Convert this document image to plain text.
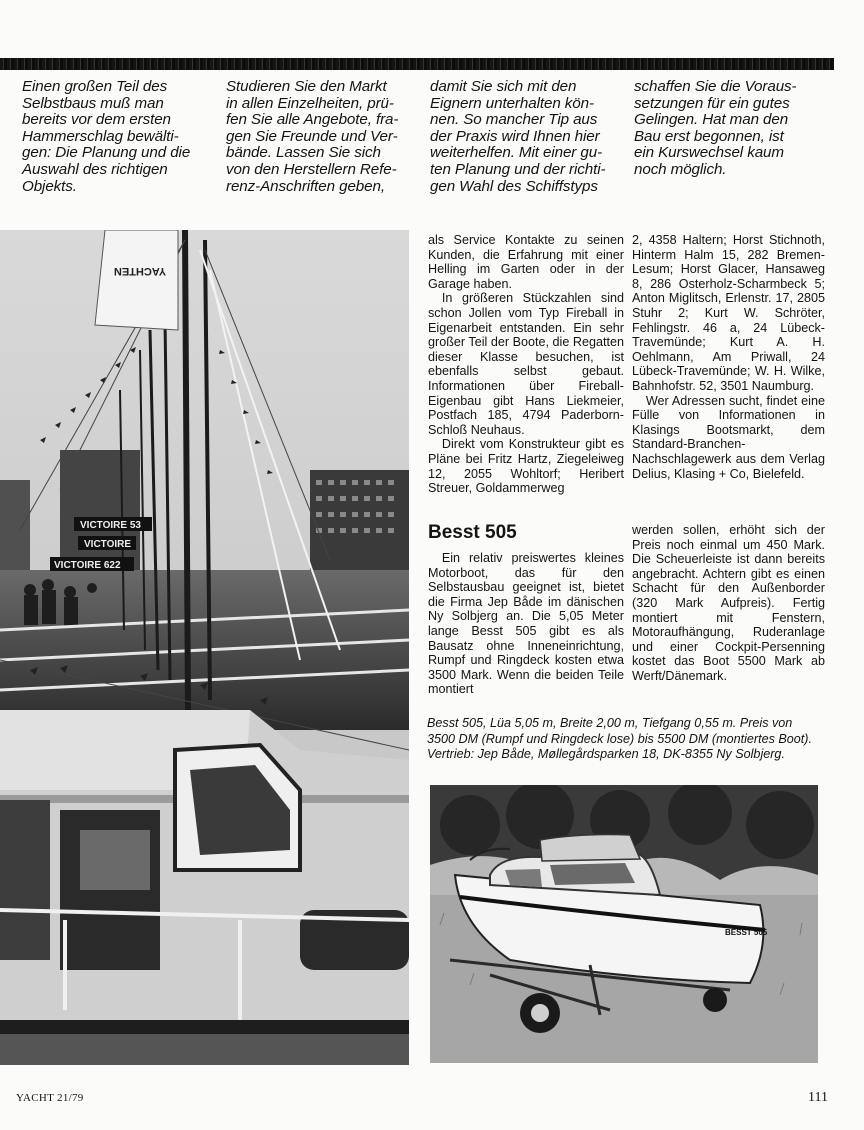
Einen großen Teil des
Selbstbaus muß man
bereits vor dem ersten
Hammerschlag bewälti-
gen: Die Planung und die
Auswahl des richtigen
Objekts.
Studieren Sie den Markt
in allen Einzelheiten, prü-
fen Sie alle Angebote, fra-
gen Sie Freunde und Ver-
bände. Lassen Sie sich
von den Herstellern Refe-
renz-Anschriften geben,
damit Sie sich mit den
Eignern unterhalten kön-
nen. So mancher Tip aus
der Praxis wird Ihnen hier
weiterhelfen. Mit einer gu-
ten Planung und der richti-
gen Wahl des Schiffstyps
schaffen Sie die Voraus-
setzungen für ein gutes
Gelingen. Hat man den
Bau erst begonnen, ist
ein Kurswechsel kaum
noch möglich.
YACHTEN
VICTOIRE 53
VICTOIRE
VICTOIRE 622

als Service Kontakte zu seinen Kunden, die Erfahrung mit einer Helling im Garten oder in der Garage haben.

In größeren Stückzahlen sind schon Jollen vom Typ Fireball in Eigenarbeit entstanden. Ein sehr großer Teil der Boote, die Regatten dieser Klasse besuchen, ist ebenfalls selbst gebaut. Informationen über Fireball-Eigenbau gibt Hans Liekmeier, Postfach 185, 4794 Paderborn-Schloß Neuhaus.

Direkt vom Konstrukteur gibt es Pläne bei Fritz Hartz, Ziegeleiweg 12, 2055 Wohltorf; Heribert Streuer, Goldammerweg

2, 4358 Haltern; Horst Stichnoth, Hinterm Halm 15, 282 Bremen-Lesum; Horst Glacer, Hansaweg 8, 286 Osterholz-Scharmbeck 5; Anton Miglitsch, Erlenstr. 17, 2805 Stuhr 2; Kurt W. Schröter, Fehlingstr. 46 a, 24 Lübeck-Travemünde; Kurt A. H. Oehlmann, Am Priwall, 24 Lübeck-Travemünde; W. H. Wilke, Bahnhofstr. 52, 3501 Naumburg.

Wer Adressen sucht, findet eine Fülle von Informationen in Klasings Bootsmarkt, dem Standard-Branchen-Nachschlagewerk aus dem Verlag Delius, Klasing + Co, Bielefeld.

Besst 505

Ein relativ preiswertes kleines Motorboot, das für den Selbstausbau geeignet ist, bietet die Firma Jep Både im dänischen Ny Solbjerg an. Die 5,05 Meter lange Besst 505 gibt es als Bausatz ohne Inneneinrichtung, Rumpf und Ringdeck kosten etwa 3500 Mark. Wenn die beiden Teile montiert

werden sollen, erhöht sich der Preis noch einmal um 450 Mark. Die Scheuerleiste ist dann bereits angebracht. Achtern gibt es einen Schacht für den Außenborder (320 Mark Aufpreis). Fertig montiert mit Fenstern, Motoraufhängung, Ruderanlage und einer Cockpit-Persenning kostet das Boot 5500 Mark ab Werft/Dänemark.

Besst 505, Lüa 5,05 m, Breite 2,00 m, Tiefgang 0,55 m. Preis von 3500 DM (Rumpf und Ringdeck lose) bis 5500 DM (montiertes Boot). Vertrieb: Jep Både, Møllegårdsparken 18, DK-8355 Ny Solbjerg.
BESST 505
YACHT 21/79	111
